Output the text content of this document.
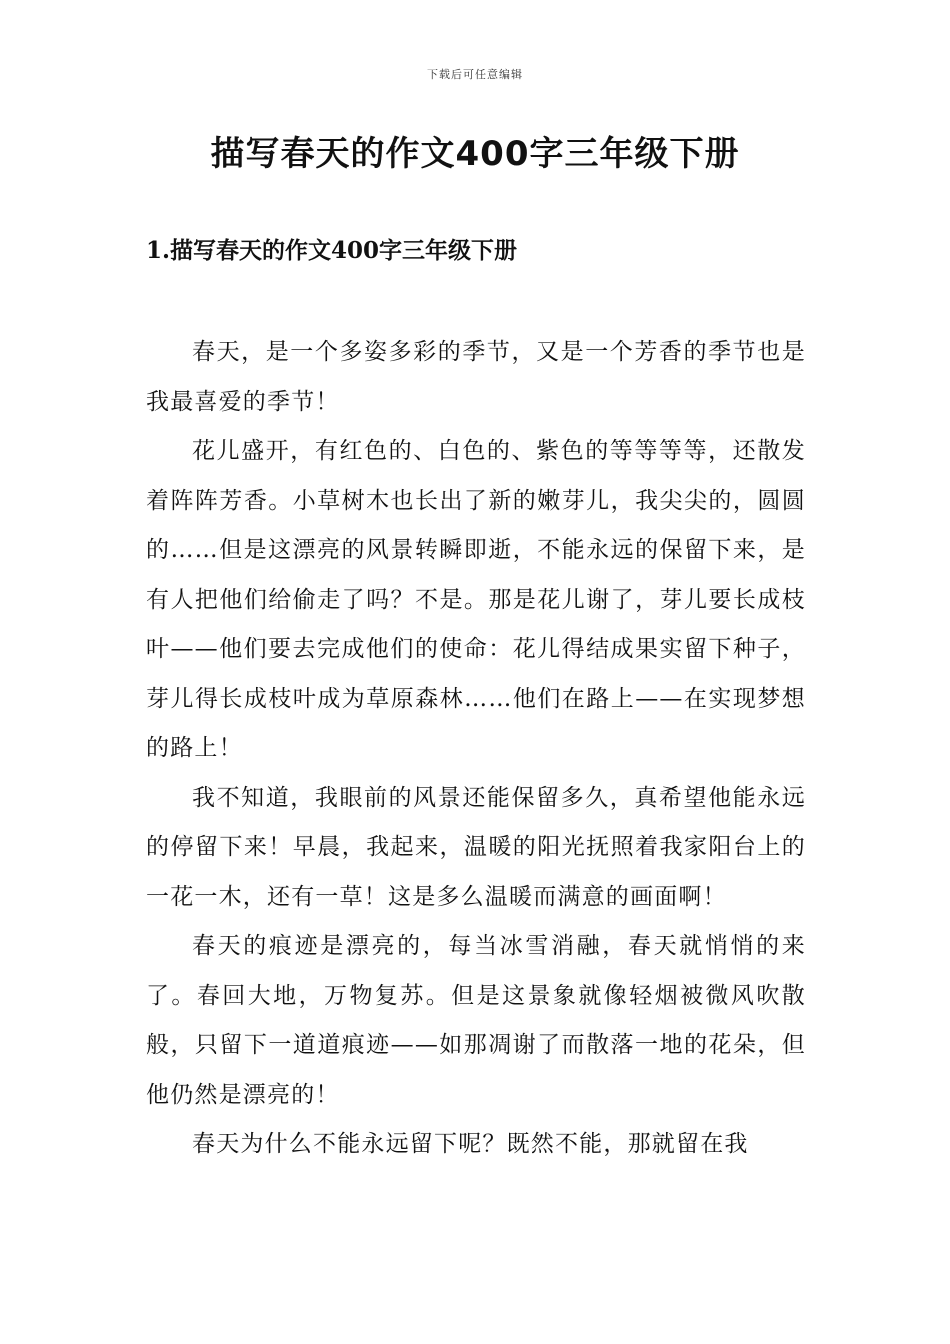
下载后可任意编辑
描写春天的作文400字三年级下册
1.描写春天的作文400字三年级下册

春天，是一个多姿多彩的季节，又是一个芳香的季节也是我最喜爱的季节！

花儿盛开，有红色的、白色的、紫色的等等等等，还散发着阵阵芳香。小草树木也长出了新的嫩芽儿，我尖尖的，圆圆的……但是这漂亮的风景转瞬即逝，不能永远的保留下来，是有人把他们给偷走了吗？不是。那是花儿谢了，芽儿要长成枝叶——他们要去完成他们的使命：花儿得结成果实留下种子，芽儿得长成枝叶成为草原森林……他们在路上——在实现梦想的路上！

我不知道，我眼前的风景还能保留多久，真希望他能永远的停留下来！早晨，我起来，温暖的阳光抚照着我家阳台上的一花一木，还有一草！这是多么温暖而满意的画面啊！

春天的痕迹是漂亮的，每当冰雪消融，春天就悄悄的来了。春回大地，万物复苏。但是这景象就像轻烟被微风吹散般，只留下一道道痕迹——如那凋谢了而散落一地的花朵，但他仍然是漂亮的！

春天为什么不能永远留下呢？既然不能，那就留在我
